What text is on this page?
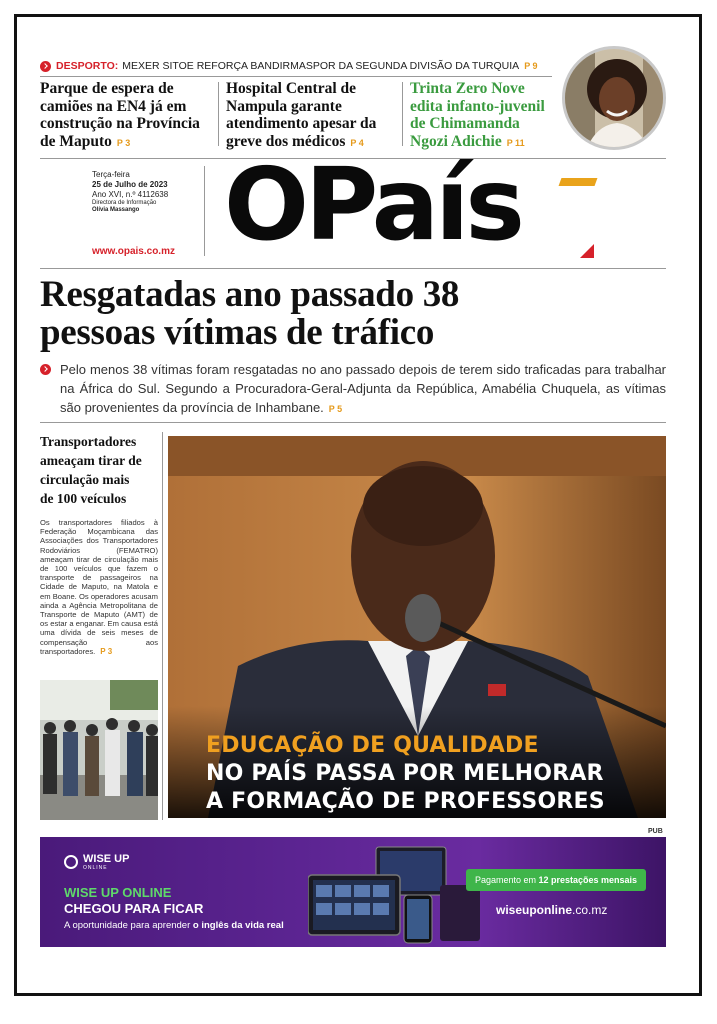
DESPORTO: MEXER SITOE REFORÇA BANDIRMASPOR DA SEGUNDA DIVISÃO DA TURQUIA P 9
Parque de espera de
camiões na EN4 já em
construção na Província
de Maputo P 3
Hospital Central de
Nampula garante
atendimento apesar da
greve dos médicos P 4
Trinta Zero Nove
edita infanto-juvenil
de Chimamanda
Ngozi Adichie P 11
Terça-feira
25 de Julho de 2023
Ano XVI, n.º 4112638
Directora de Informação
Olívia Massango
www.opais.co.mz OPaís
Resgatadas ano passado 38
pessoas vítimas de tráfico

Pelo menos 38 vítimas foram resgatadas no ano passado depois de terem sido traficadas para trabalhar na África do Sul. Segundo a Procuradora-Geral-Adjunta da República, Amabélia Chuquela, as vítimas são provenientes da província de Inhambane. P 5

Transportadores
ameaçam tirar de
circulação mais
de 100 veículos
Os transportadores filiados à Federação Moçambicana das Associações dos Transportadores Rodoviários (FEMATRO) ameaçam tirar de circulação mais de 100 veículos que fazem o transporte de passageiros na Cidade de Maputo, na Matola e em Boane. Os operadores acusam ainda a Agência Metropolitana de Transporte de Maputo (AMT) de os estar a enganar. Em causa está uma dívida de seis meses de compensação aos transportadores. P 3
EDUCAÇÃO DE QUALIDADE
NO PAÍS PASSA POR MELHORAR
A FORMAÇÃO DE PROFESSORES
PUB
WISE UP
ONLINE
WISE UP ONLINE
CHEGOU PARA FICAR
A oportunidade para aprender o inglês da vida real
Pagamento em 12 prestações mensais
wiseuponline.co.mz
